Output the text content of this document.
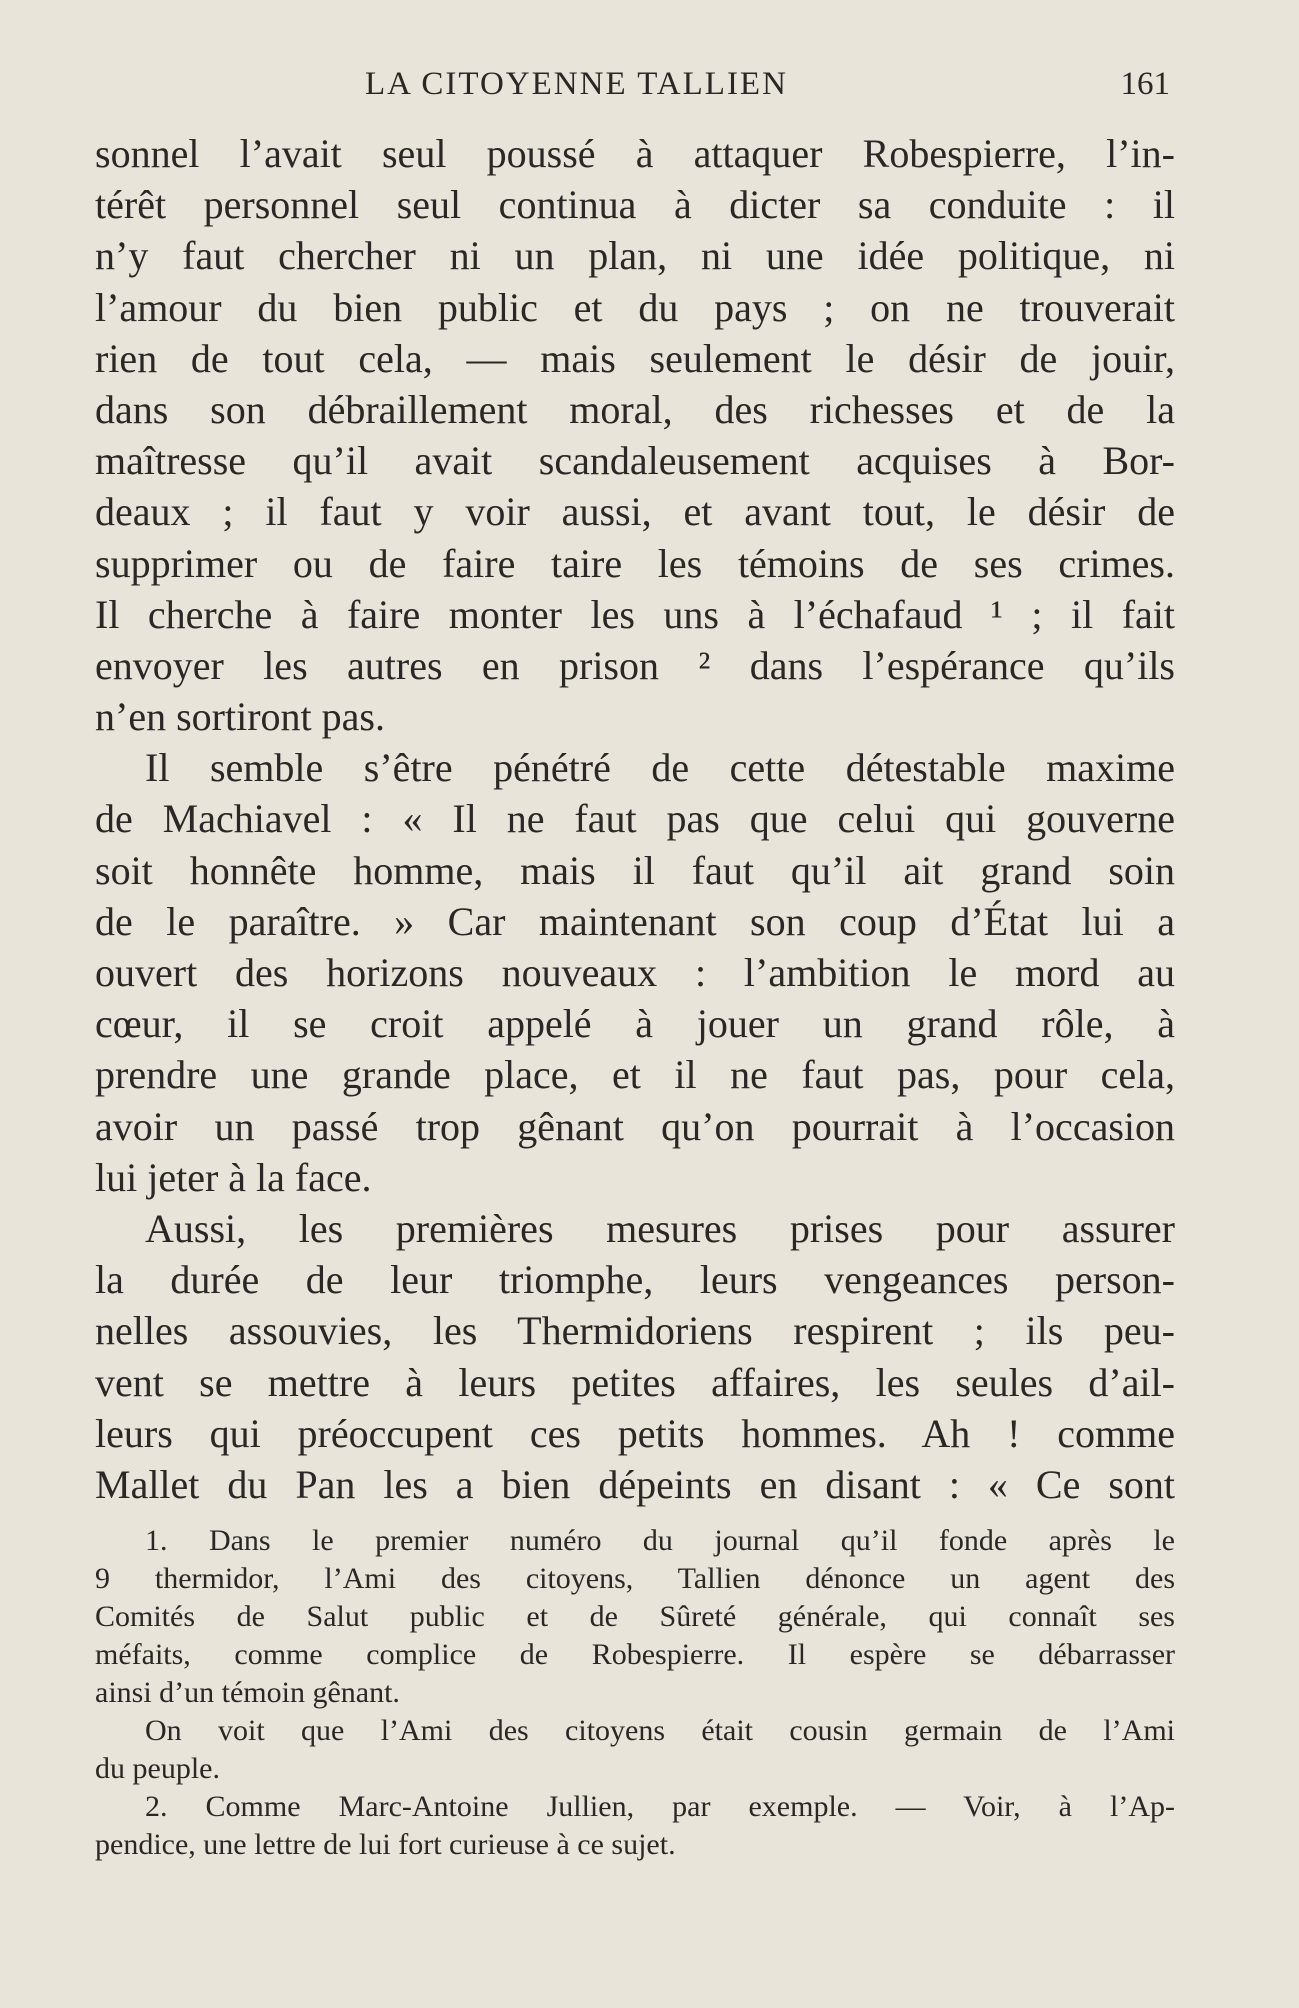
LA CITOYENNE TALLIEN	161
sonnel l’avait seul poussé à attaquer Robespierre, l’in-
térêt personnel seul continua à dicter sa conduite : il
n’y faut chercher ni un plan, ni une idée politique, ni
l’amour du bien public et du pays ; on ne trouverait
rien de tout cela, — mais seulement le désir de jouir,
dans son débraillement moral, des richesses et de la
maîtresse qu’il avait scandaleusement acquises à Bor-
deaux ; il faut y voir aussi, et avant tout, le désir de
supprimer ou de faire taire les témoins de ses crimes.
Il cherche à faire monter les uns à l’échafaud ¹ ; il fait
envoyer les autres en prison ² dans l’espérance qu’ils
n’en sortiront pas.
Il semble s’être pénétré de cette détestable maxime
de Machiavel : « Il ne faut pas que celui qui gouverne
soit honnête homme, mais il faut qu’il ait grand soin
de le paraître. » Car maintenant son coup d’État lui a
ouvert des horizons nouveaux : l’ambition le mord au
cœur, il se croit appelé à jouer un grand rôle, à
prendre une grande place, et il ne faut pas, pour cela,
avoir un passé trop gênant qu’on pourrait à l’occasion
lui jeter à la face.
Aussi, les premières mesures prises pour assurer
la durée de leur triomphe, leurs vengeances person-
nelles assouvies, les Thermidoriens respirent ; ils peu-
vent se mettre à leurs petites affaires, les seules d’ail-
leurs qui préoccupent ces petits hommes. Ah ! comme
Mallet du Pan les a bien dépeints en disant : « Ce sont
1. Dans le premier numéro du journal qu’il fonde après le
9 thermidor, l’Ami des citoyens, Tallien dénonce un agent des
Comités de Salut public et de Sûreté générale, qui connaît ses
méfaits, comme complice de Robespierre. Il espère se débarrasser
ainsi d’un témoin gênant.
On voit que l’Ami des citoyens était cousin germain de l’Ami
du peuple.
2. Comme Marc-Antoine Jullien, par exemple. — Voir, à l’Ap-
pendice, une lettre de lui fort curieuse à ce sujet.
